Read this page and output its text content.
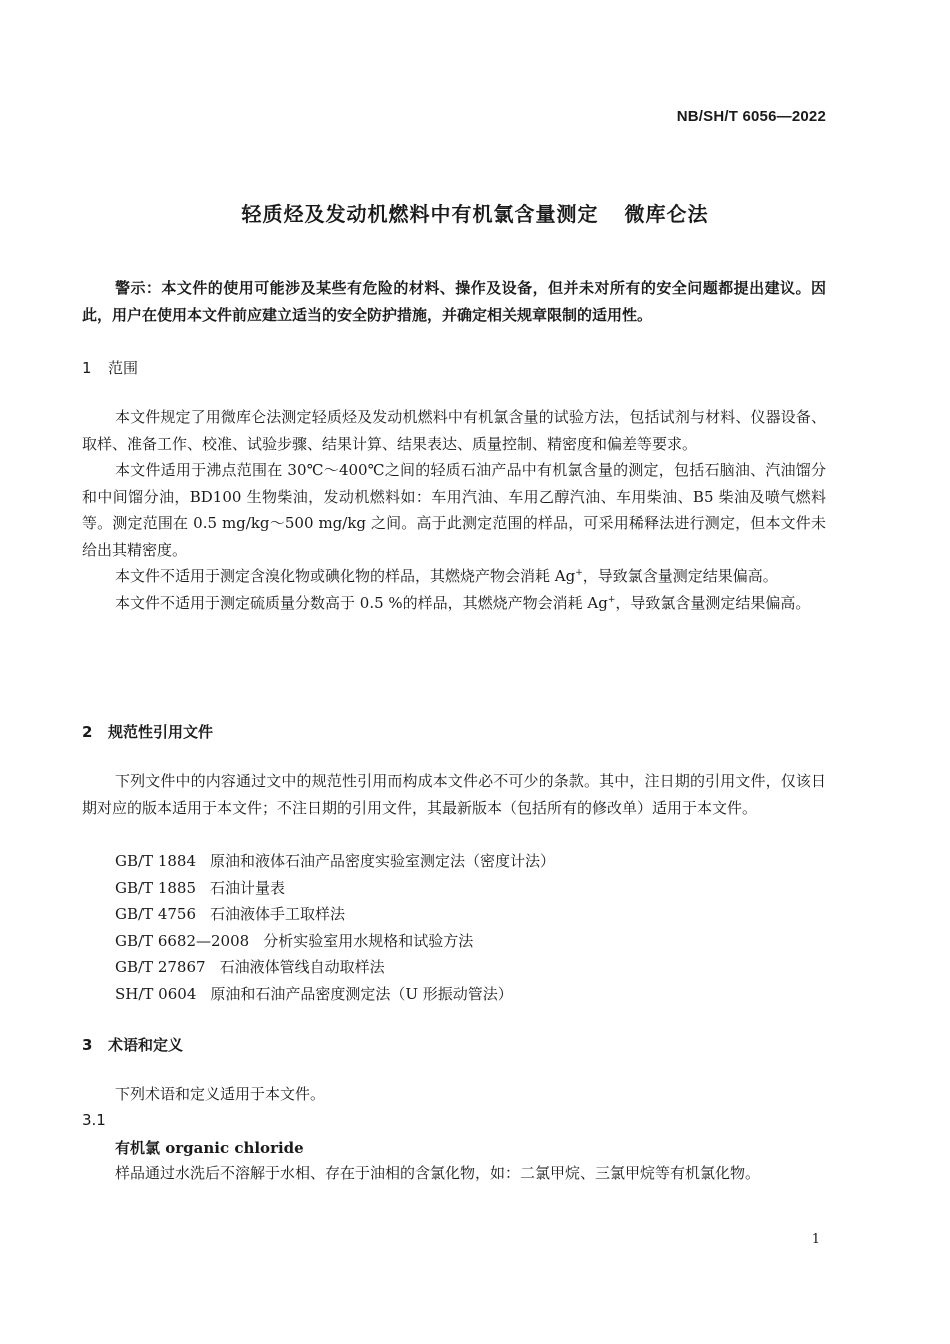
NB/SH/T 6056—2022
轻质烃及发动机燃料中有机氯含量测定 微库仑法

警示：本文件的使用可能涉及某些有危险的材料、操作及设备，但并未对所有的安全问题都提出建议。因此，用户在使用本文件前应建立适当的安全防护措施，并确定相关规章限制的适用性。

1 范围

本文件规定了用微库仑法测定轻质烃及发动机燃料中有机氯含量的试验方法，包括试剂与材料、仪器设备、取样、准备工作、校准、试验步骤、结果计算、结果表达、质量控制、精密度和偏差等要求。

本文件适用于沸点范围在 30℃～400℃之间的轻质石油产品中有机氯含量的测定，包括石脑油、汽油馏分和中间馏分油，BD100 生物柴油，发动机燃料如：车用汽油、车用乙醇汽油、车用柴油、B5 柴油及喷气燃料等。测定范围在 0.5 mg/kg～500 mg/kg 之间。高于此测定范围的样品，可采用稀释法进行测定，但本文件未给出其精密度。

本文件不适用于测定含溴化物或碘化物的样品，其燃烧产物会消耗 Ag+，导致氯含量测定结果偏高。

本文件不适用于测定硫质量分数高于 0.5 %的样品，其燃烧产物会消耗 Ag+，导致氯含量测定结果偏高。

2 规范性引用文件

下列文件中的内容通过文中的规范性引用而构成本文件必不可少的条款。其中，注日期的引用文件，仅该日期对应的版本适用于本文件；不注日期的引用文件，其最新版本（包括所有的修改单）适用于本文件。

GB/T 1884 原油和液体石油产品密度实验室测定法（密度计法）
GB/T 1885 石油计量表
GB/T 4756 石油液体手工取样法
GB/T 6682—2008 分析实验室用水规格和试验方法
GB/T 27867 石油液体管线自动取样法
SH/T 0604 原油和石油产品密度测定法（U 形振动管法）
3 术语和定义

下列术语和定义适用于本文件。

3.1
有机氯 organic chloride
样品通过水洗后不溶解于水相、存在于油相的含氯化物，如：二氯甲烷、三氯甲烷等有机氯化物。
1
